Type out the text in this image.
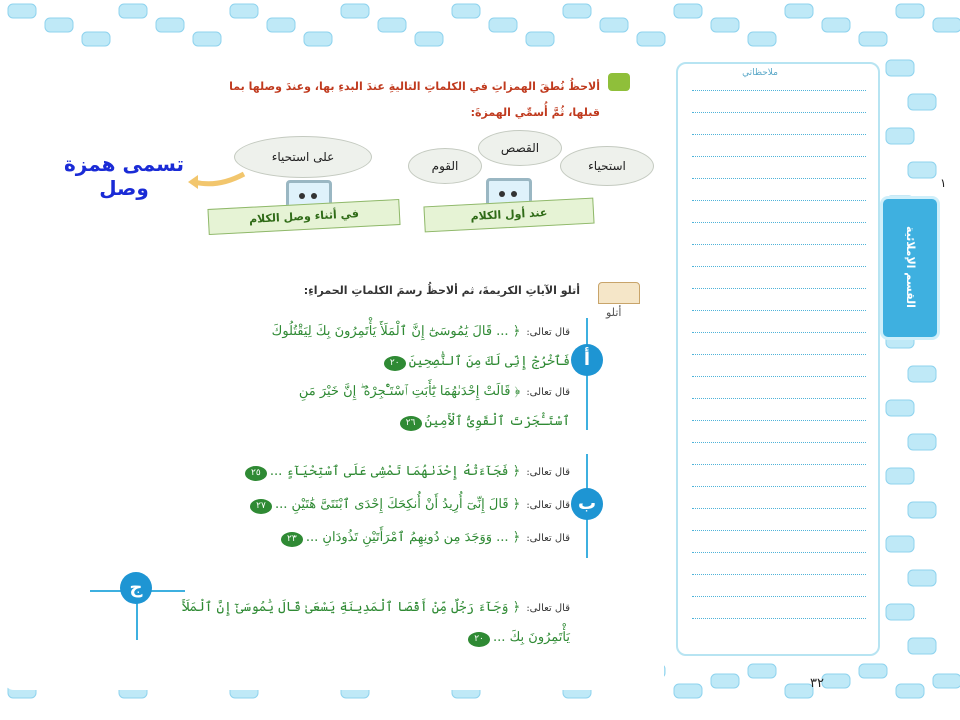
ملاحظاتي
القسم الإملائية
١
ألاحظُ نُطقَ الهمزاتِ في الكلماتِ التاليةِ عندَ البدءِ بها، وعندَ وصلها بما
قبلها، ثُمَّ أُسمِّي الهمزةَ:
استحياء
القصص
القوم
عند أول الكلام
على استحياء
في أثناء وصل الكلام
تسمى همزة
وصل
أتلو
أتلو الآياتِ الكريمةَ، ثم ألاحظُ رسمَ الكلماتِ الحمراءِ:
أ
قال تعالى:﴿ ... قَالَ يَٰمُوسَىٰٓ إِنَّ ٱلْمَلَأَ يَأْتَمِرُونَ بِكَ لِيَقْتُلُوكَ
فَٱخْرُجْ إِنِّى لَكَ مِنَ ٱلنَّٰصِحِينَ٢٠
قال تعالى:﴿ قَالَتْ إِحْدَىٰهُمَا يَٰٓأَبَتِ ٱسْتَـْٔجِرْهُ ۖ إِنَّ خَيْرَ مَنِ
ٱسْتَـْٔجَرْتَ ٱلْقَوِىُّ ٱلْأَمِينُ٢٦
ب
قال تعالى:﴿ فَجَآءَتْهُ إِحْدَىٰهُمَا تَمْشِى عَلَى ٱسْتِحْيَآءٍ ...٢٥
قال تعالى:﴿ قَالَ إِنِّىٓ أُرِيدُ أَنْ أُنكِحَكَ إِحْدَى ٱبْنَتَىَّ هَٰتَيْنِ ...٢٧
قال تعالى:﴿ ... وَوَجَدَ مِن دُونِهِمُ ٱمْرَأَتَيْنِ تَذُودَانِ ...٢٣
ج
قال تعالى:﴿ وَجَآءَ رَجُلٌ مِّنْ أَقْصَا ٱلْمَدِينَةِ يَسْعَىٰ قَالَ يَٰمُوسَىٰٓ إِنَّ ٱلْمَلَأَ
يَأْتَمِرُونَ بِكَ ...٢٠
٣٢
